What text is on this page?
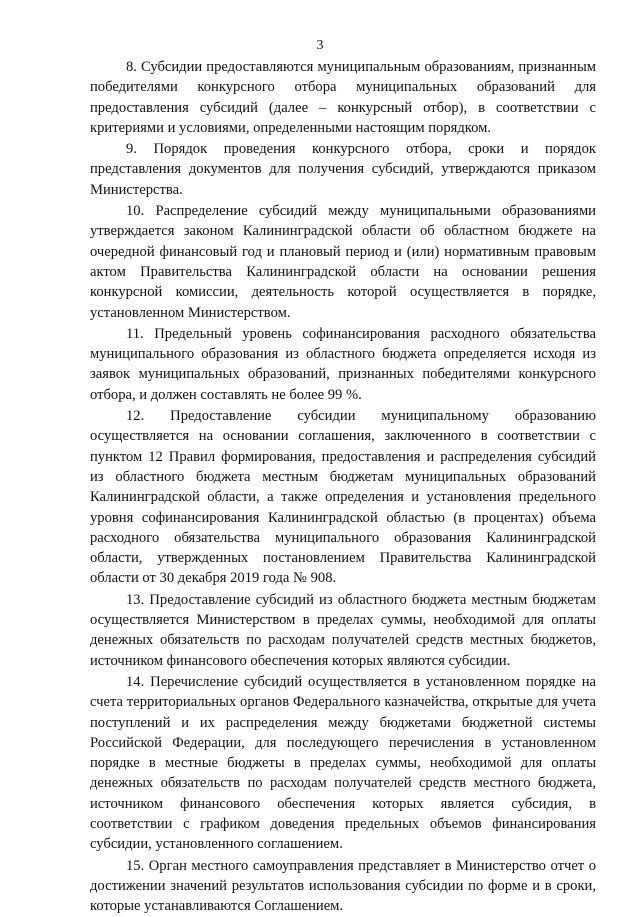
3

8. Субсидии предоставляются муниципальным образованиям, признанным победителями конкурсного отбора муниципальных образований для предоставления субсидий (далее – конкурсный отбор), в соответствии с критериями и условиями, определенными настоящим порядком.

9. Порядок проведения конкурсного отбора, сроки и порядок представления документов для получения субсидий, утверждаются приказом Министерства.

10. Распределение субсидий между муниципальными образованиями утверждается законом Калининградской области об областном бюджете на очередной финансовый год и плановый период и (или) нормативным правовым актом Правительства Калининградской области на основании решения конкурсной комиссии, деятельность которой осуществляется в порядке, установленном Министерством.

11. Предельный уровень софинансирования расходного обязательства муниципального образования из областного бюджета определяется исходя из заявок муниципальных образований, признанных победителями конкурсного отбора, и должен составлять не более 99 %.

12. Предоставление субсидии муниципальному образованию осуществляется на основании соглашения, заключенного в соответствии с пунктом 12 Правил формирования, предоставления и распределения субсидий из областного бюджета местным бюджетам муниципальных образований Калининградской области, а также определения и установления предельного уровня софинансирования Калининградской областью (в процентах) объема расходного обязательства муниципального образования Калининградской области, утвержденных постановлением Правительства Калининградской области от 30 декабря 2019 года № 908.

13. Предоставление субсидий из областного бюджета местным бюджетам осуществляется Министерством в пределах суммы, необходимой для оплаты денежных обязательств по расходам получателей средств местных бюджетов, источником финансового обеспечения которых являются субсидии.

14. Перечисление субсидий осуществляется в установленном порядке на счета территориальных органов Федерального казначейства, открытые для учета поступлений и их распределения между бюджетами бюджетной системы Российской Федерации, для последующего перечисления в установленном порядке в местные бюджеты в пределах суммы, необходимой для оплаты денежных обязательств по расходам получателей средств местного бюджета, источником финансового обеспечения которых является субсидия, в соответствии с графиком доведения предельных объемов финансирования субсидии, установленного соглашением.

15. Орган местного самоуправления представляет в Министерство отчет о достижении значений результатов использования субсидии по форме и в сроки, которые устанавливаются Соглашением.
